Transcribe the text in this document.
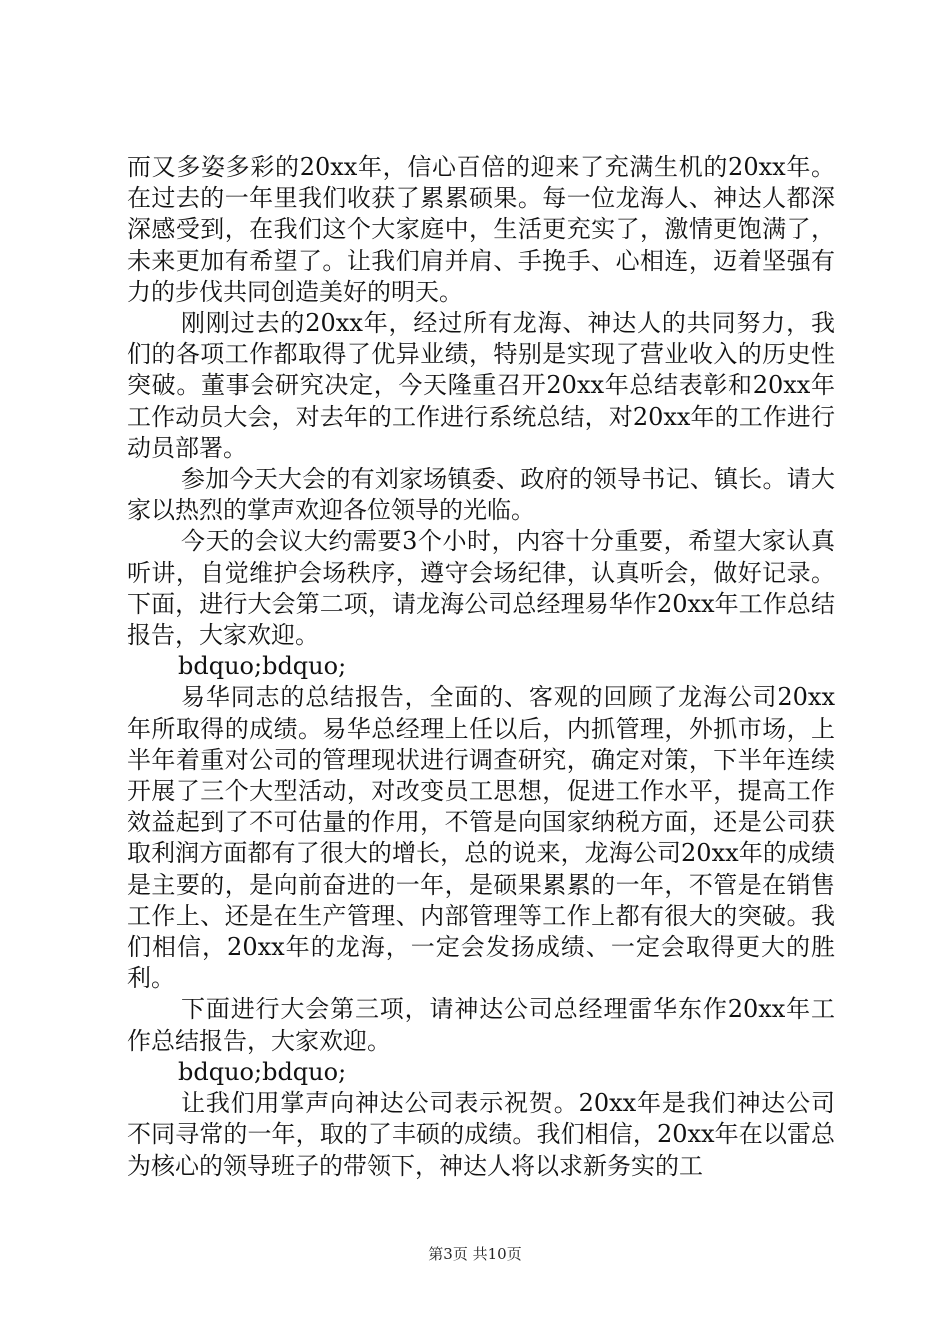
而又多姿多彩的20xx年，信心百倍的迎来了充满生机的20xx年。在过去的一年里我们收获了累累硕果。每一位龙海人、神达人都深深感受到，在我们这个大家庭中，生活更充实了，激情更饱满了，未来更加有希望了。让我们肩并肩、手挽手、心相连，迈着坚强有力的步伐共同创造美好的明天。

刚刚过去的20xx年，经过所有龙海、神达人的共同努力，我们的各项工作都取得了优异业绩，特别是实现了营业收入的历史性突破。董事会研究决定，今天隆重召开20xx年总结表彰和20xx年工作动员大会，对去年的工作进行系统总结，对20xx年的工作进行动员部署。

参加今天大会的有刘家场镇委、政府的领导书记、镇长。请大家以热烈的掌声欢迎各位领导的光临。

今天的会议大约需要3个小时，内容十分重要，希望大家认真听讲，自觉维护会场秩序，遵守会场纪律，认真听会，做好记录。下面，进行大会第二项，请龙海公司总经理易华作20xx年工作总结报告，大家欢迎。

bdquo;bdquo;

易华同志的总结报告，全面的、客观的回顾了龙海公司20xx年所取得的成绩。易华总经理上任以后，内抓管理，外抓市场，上半年着重对公司的管理现状进行调查研究，确定对策，下半年连续开展了三个大型活动，对改变员工思想，促进工作水平，提高工作效益起到了不可估量的作用，不管是向国家纳税方面，还是公司获取利润方面都有了很大的增长，总的说来，龙海公司20xx年的成绩是主要的，是向前奋进的一年，是硕果累累的一年，不管是在销售工作上、还是在生产管理、内部管理等工作上都有很大的突破。我们相信，20xx年的龙海，一定会发扬成绩、一定会取得更大的胜利。

下面进行大会第三项，请神达公司总经理雷华东作20xx年工作总结报告，大家欢迎。

bdquo;bdquo;

让我们用掌声向神达公司表示祝贺。20xx年是我们神达公司不同寻常的一年，取的了丰硕的成绩。我们相信，20xx年在以雷总为核心的领导班子的带领下，神达人将以求新务实的工

第3页 共10页
